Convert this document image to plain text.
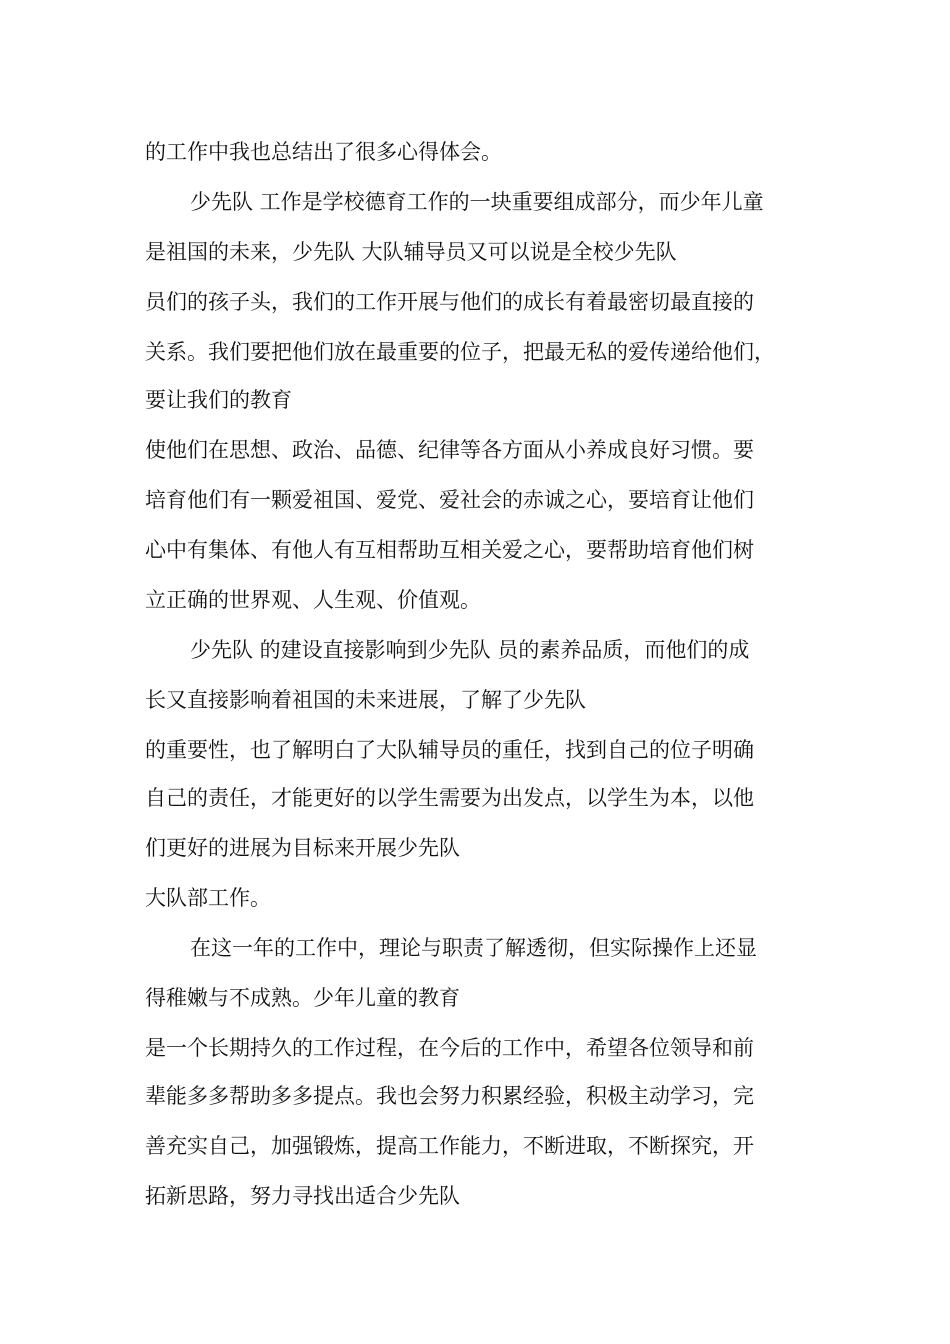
的工作中我也总结出了很多心得体会。
少先队 工作是学校德育工作的一块重要组成部分，而少年儿童
是祖国的未来，少先队 大队辅导员又可以说是全校少先队
员们的孩子头，我们的工作开展与他们的成长有着最密切最直接的
关系。我们要把他们放在最重要的位子，把最无私的爱传递给他们，
要让我们的教育
使他们在思想、政治、品德、纪律等各方面从小养成良好习惯。要
培育他们有一颗爱祖国、爱党、爱社会的赤诚之心，要培育让他们
心中有集体、有他人有互相帮助互相关爱之心，要帮助培育他们树
立正确的世界观、人生观、价值观。
少先队 的建设直接影响到少先队 员的素养品质，而他们的成
长又直接影响着祖国的未来进展，了解了少先队
的重要性，也了解明白了大队辅导员的重任，找到自己的位子明确
自己的责任，才能更好的以学生需要为出发点，以学生为本，以他
们更好的进展为目标来开展少先队
大队部工作。
在这一年的工作中，理论与职责了解透彻，但实际操作上还显
得稚嫩与不成熟。少年儿童的教育
是一个长期持久的工作过程，在今后的工作中，希望各位领导和前
辈能多多帮助多多提点。我也会努力积累经验，积极主动学习，完
善充实自己，加强锻炼，提高工作能力，不断进取，不断探究，开
拓新思路，努力寻找出适合少先队
